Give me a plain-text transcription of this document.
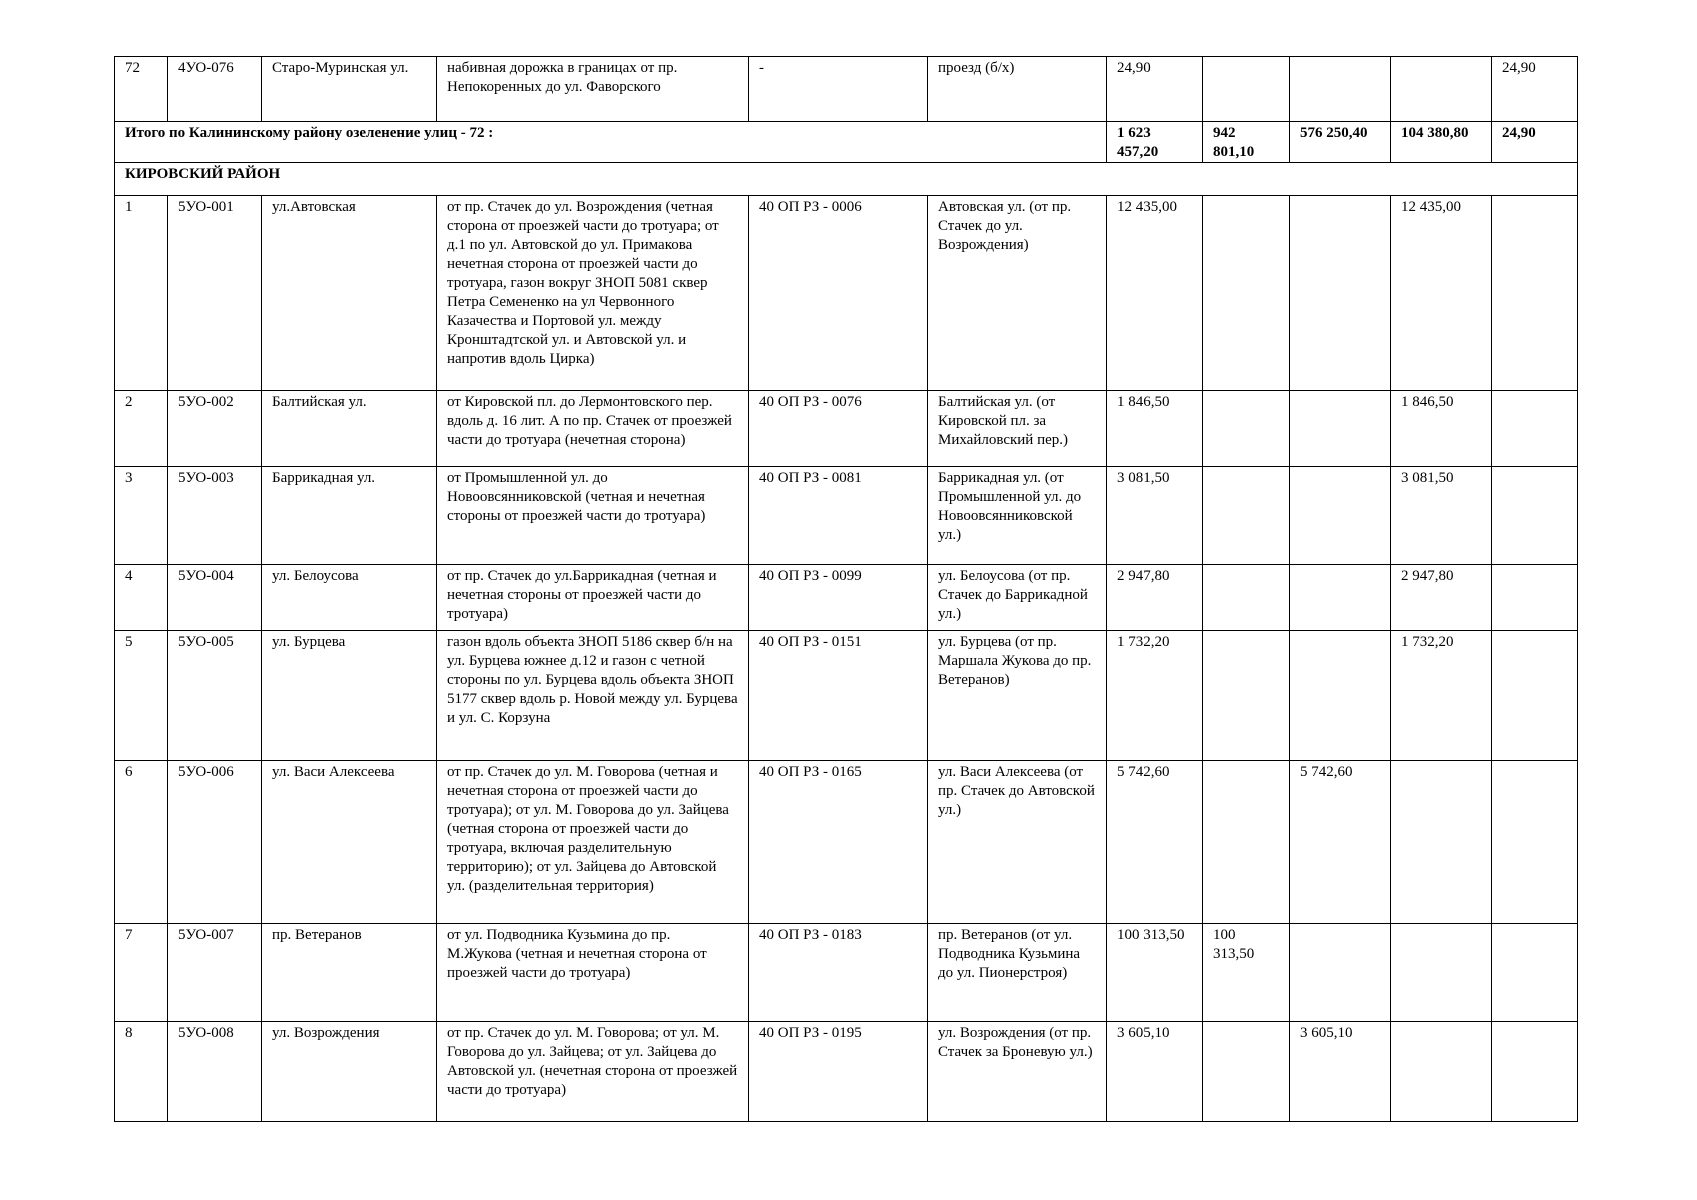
72	4УО-076	Старо-Муринская ул.	набивная дорожка в границах от пр. Непокоренных до ул. Фаворского	-	проезд (б/х)	24,90				24,90
Итого по Калининскому району озеленение улиц - 72 :						1 623 457,20	942 801,10	576 250,40	104 380,80	24,90
КИРОВСКИЙ РАЙОН										
1	5УО-001	ул.Автовская	от пр. Стачек до ул. Возрождения (четная сторона от проезжей части до тротуара; от д.1 по ул. Автовской до ул. Примакова нечетная сторона от проезжей части до тротуара, газон вокруг ЗНОП 5081 сквер Петра Семененко на ул Червонного Казачества и Портовой ул. между Кронштадтской ул. и Автовской ул. и напротив вдоль Цирка)	40 ОП РЗ - 0006	Автовская ул. (от пр. Стачек до ул. Возрождения)	12 435,00			12 435,00	
2	5УО-002	Балтийская ул.	от Кировской пл. до Лермонтовского пер. вдоль д. 16 лит. А по пр. Стачек от проезжей части до тротуара (нечетная сторона)	40 ОП РЗ - 0076	Балтийская ул. (от Кировской пл. за Михайловский пер.)	1 846,50			1 846,50	
3	5УО-003	Баррикадная ул.	от Промышленной ул. до Новоовсянниковской (четная и нечетная стороны от проезжей части до тротуара)	40 ОП РЗ - 0081	Баррикадная ул. (от Промышленной ул. до Новоовсянниковской ул.)	3 081,50			3 081,50	
4	5УО-004	ул. Белоусова	от пр. Стачек до ул.Баррикадная (четная и нечетная стороны от проезжей части до тротуара)	40 ОП РЗ - 0099	ул. Белоусова (от пр. Стачек до Баррикадной ул.)	2 947,80			2 947,80	
5	5УО-005	ул. Бурцева	газон вдоль объекта ЗНОП 5186 сквер б/н на ул. Бурцева южнее д.12 и газон с четной стороны по ул. Бурцева вдоль объекта ЗНОП 5177 сквер вдоль р. Новой между ул. Бурцева и ул. С. Корзуна	40 ОП РЗ - 0151	ул. Бурцева (от пр. Маршала Жукова до пр. Ветеранов)	1 732,20			1 732,20	
6	5УО-006	ул. Васи Алексеева	от пр. Стачек до ул. М. Говорова (четная и нечетная сторона от проезжей части до тротуара); от ул. М. Говорова до ул. Зайцева (четная сторона от проезжей части до тротуара, включая разделительную территорию); от ул. Зайцева до Автовской ул. (разделительная территория)	40 ОП РЗ - 0165	ул. Васи Алексеева (от пр. Стачек до Автовской ул.)	5 742,60		5 742,60		
7	5УО-007	пр. Ветеранов	от ул. Подводника Кузьмина до пр. М.Жукова (четная и нечетная сторона от проезжей части до тротуара)	40 ОП РЗ - 0183	пр. Ветеранов (от ул. Подводника Кузьмина до ул. Пионерстроя)	100 313,50	100 313,50			
8	5УО-008	ул. Возрождения	от пр. Стачек до ул. М. Говорова; от ул. М. Говорова до ул. Зайцева; от ул. Зайцева до Автовской ул. (нечетная сторона от проезжей части до тротуара)	40 ОП РЗ - 0195	ул. Возрождения (от пр. Стачек за Броневую ул.)	3 605,10		3 605,10		
